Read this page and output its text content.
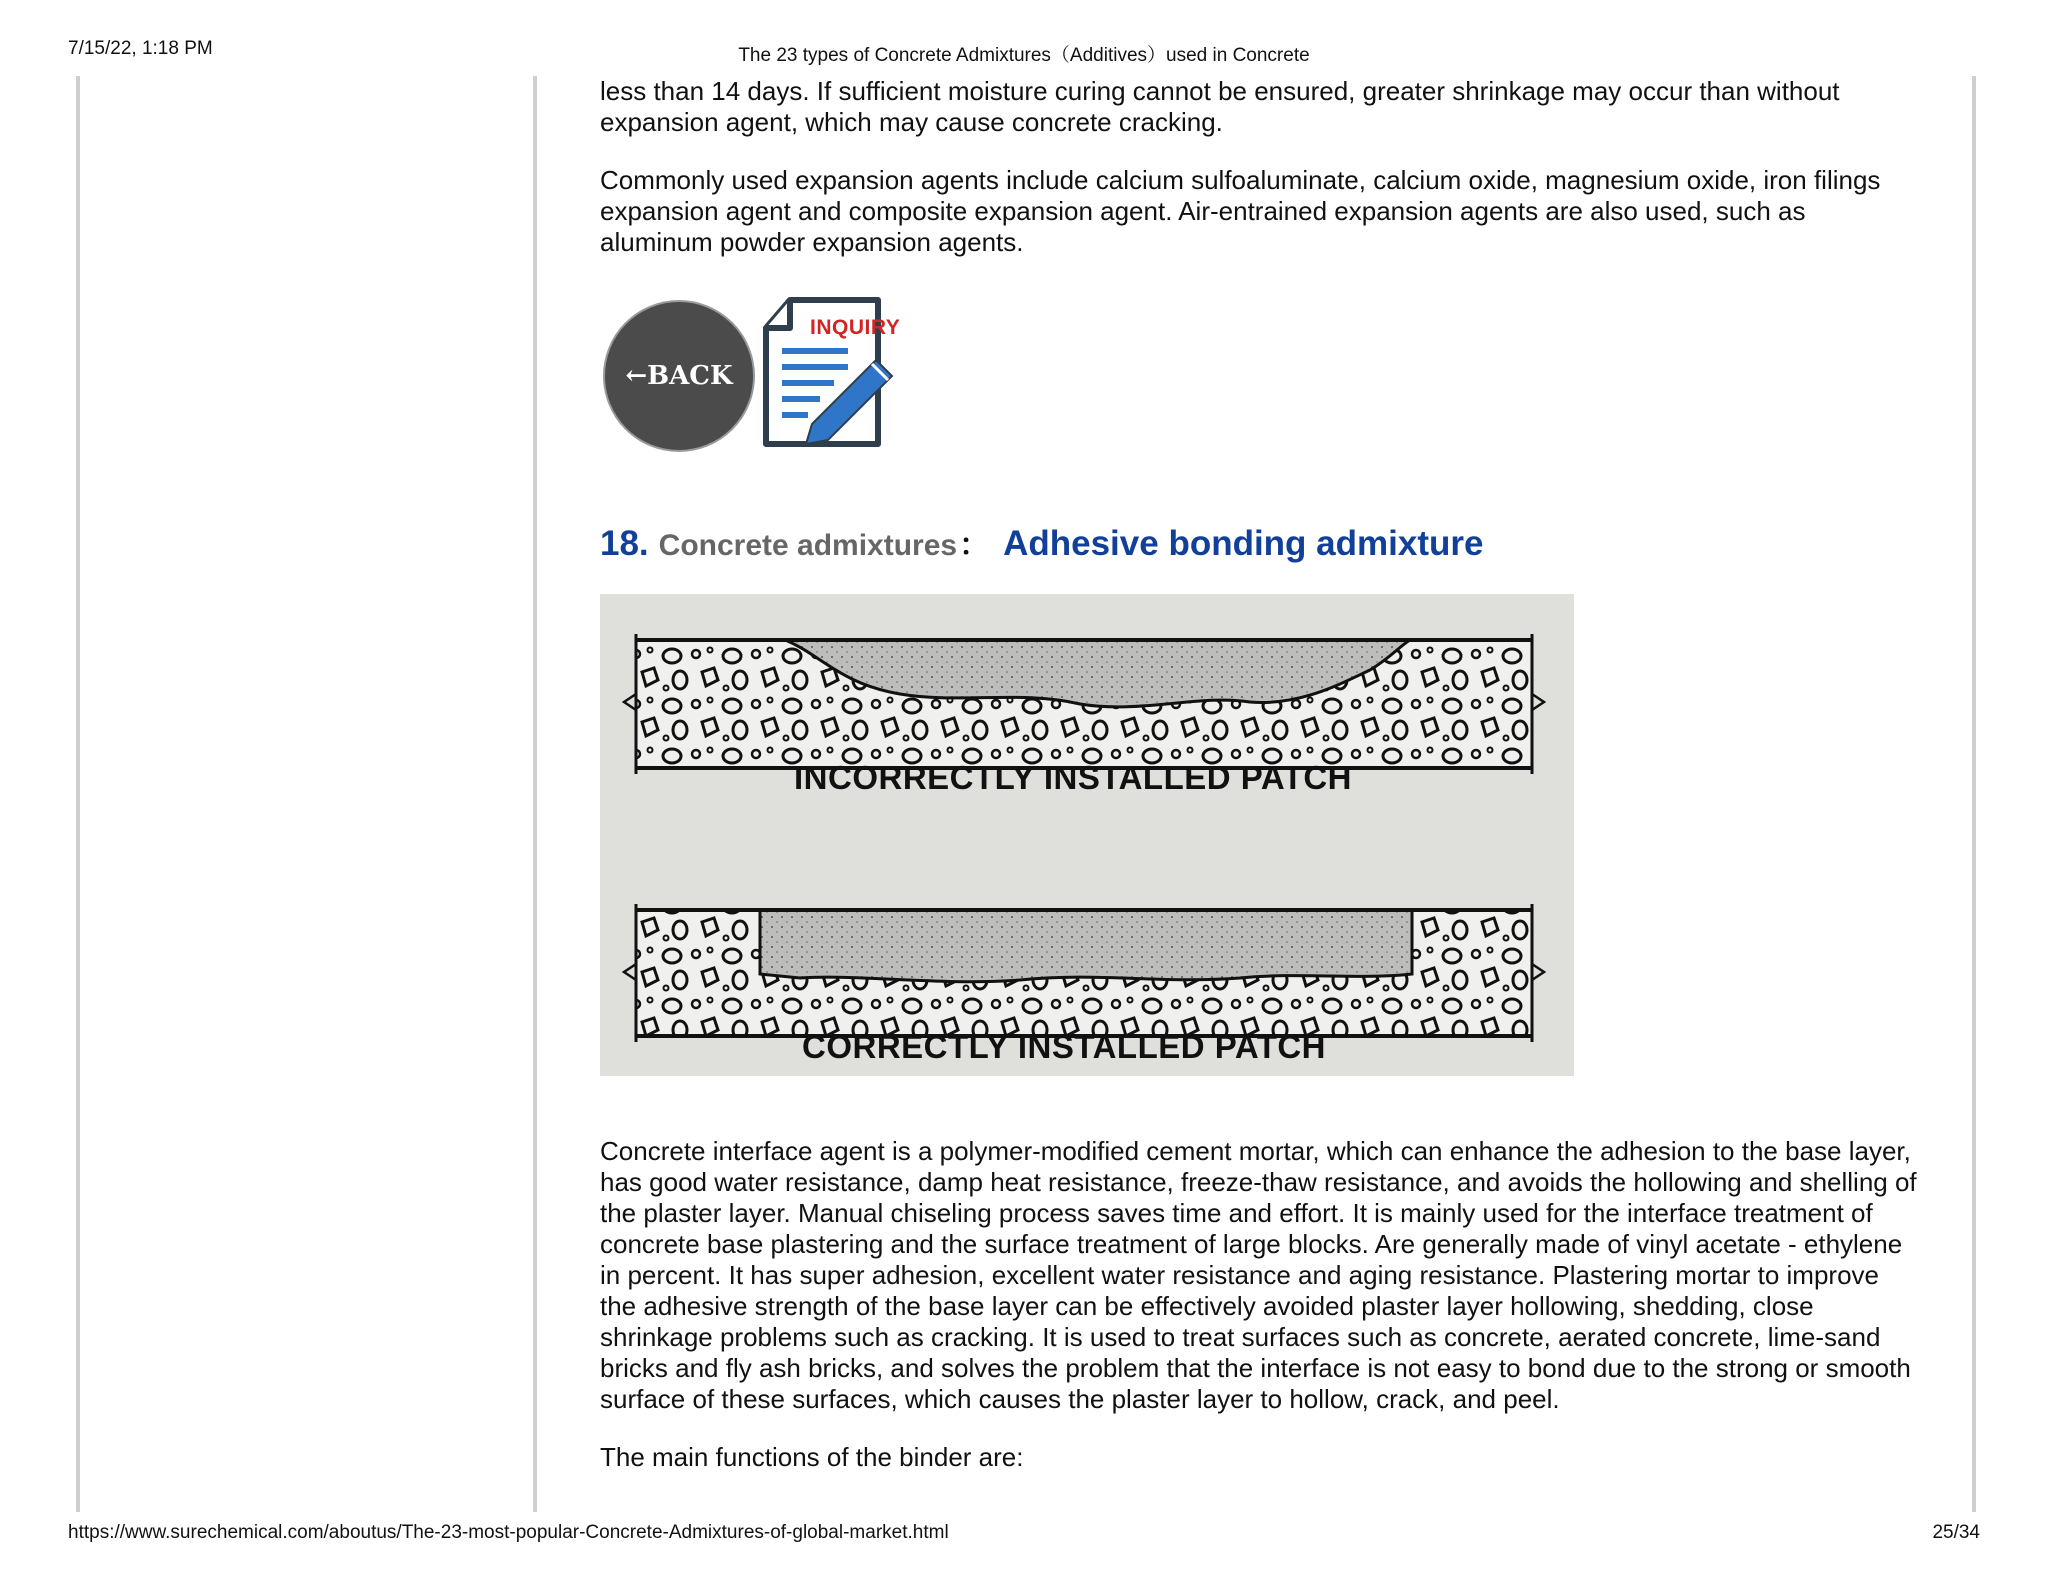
7/15/22, 1:18 PM	The 23 types of Concrete Admixtures（Additives）used in Concrete

less than 14 days. If sufficient moisture curing cannot be ensured, greater shrinkage may occur than without expansion agent, which may cause concrete cracking.

Commonly used expansion agents include calcium sulfoaluminate, calcium oxide, magnesium oxide, iron filings expansion agent and composite expansion agent. Air-entrained expansion agents are also used, such as aluminum powder expansion agents.

←BACK
INQUIRY
18. Concrete admixtures ： Adhesive bonding admixture
INCORRECTLY INSTALLED PATCH
CORRECTLY INSTALLED PATCH

Concrete interface agent is a polymer-modified cement mortar, which can enhance the adhesion to the base layer, has good water resistance, damp heat resistance, freeze-thaw resistance, and avoids the hollowing and shelling of the plaster layer. Manual chiseling process saves time and effort. It is mainly used for the interface treatment of concrete base plastering and the surface treatment of large blocks. Are generally made of vinyl acetate - ethylene in percent. It has super adhesion, excellent water resistance and aging resistance. Plastering mortar to improve the adhesive strength of the base layer can be effectively avoided plaster layer hollowing, shedding, close shrinkage problems such as cracking. It is used to treat surfaces such as concrete, aerated concrete, lime-sand bricks and fly ash bricks, and solves the problem that the interface is not easy to bond due to the strong or smooth surface of these surfaces, which causes the plaster layer to hollow, crack, and peel.

The main functions of the binder are:

https://www.surechemical.com/aboutus/The-23-most-popular-Concrete-Admixtures-of-global-market.html	25/34
